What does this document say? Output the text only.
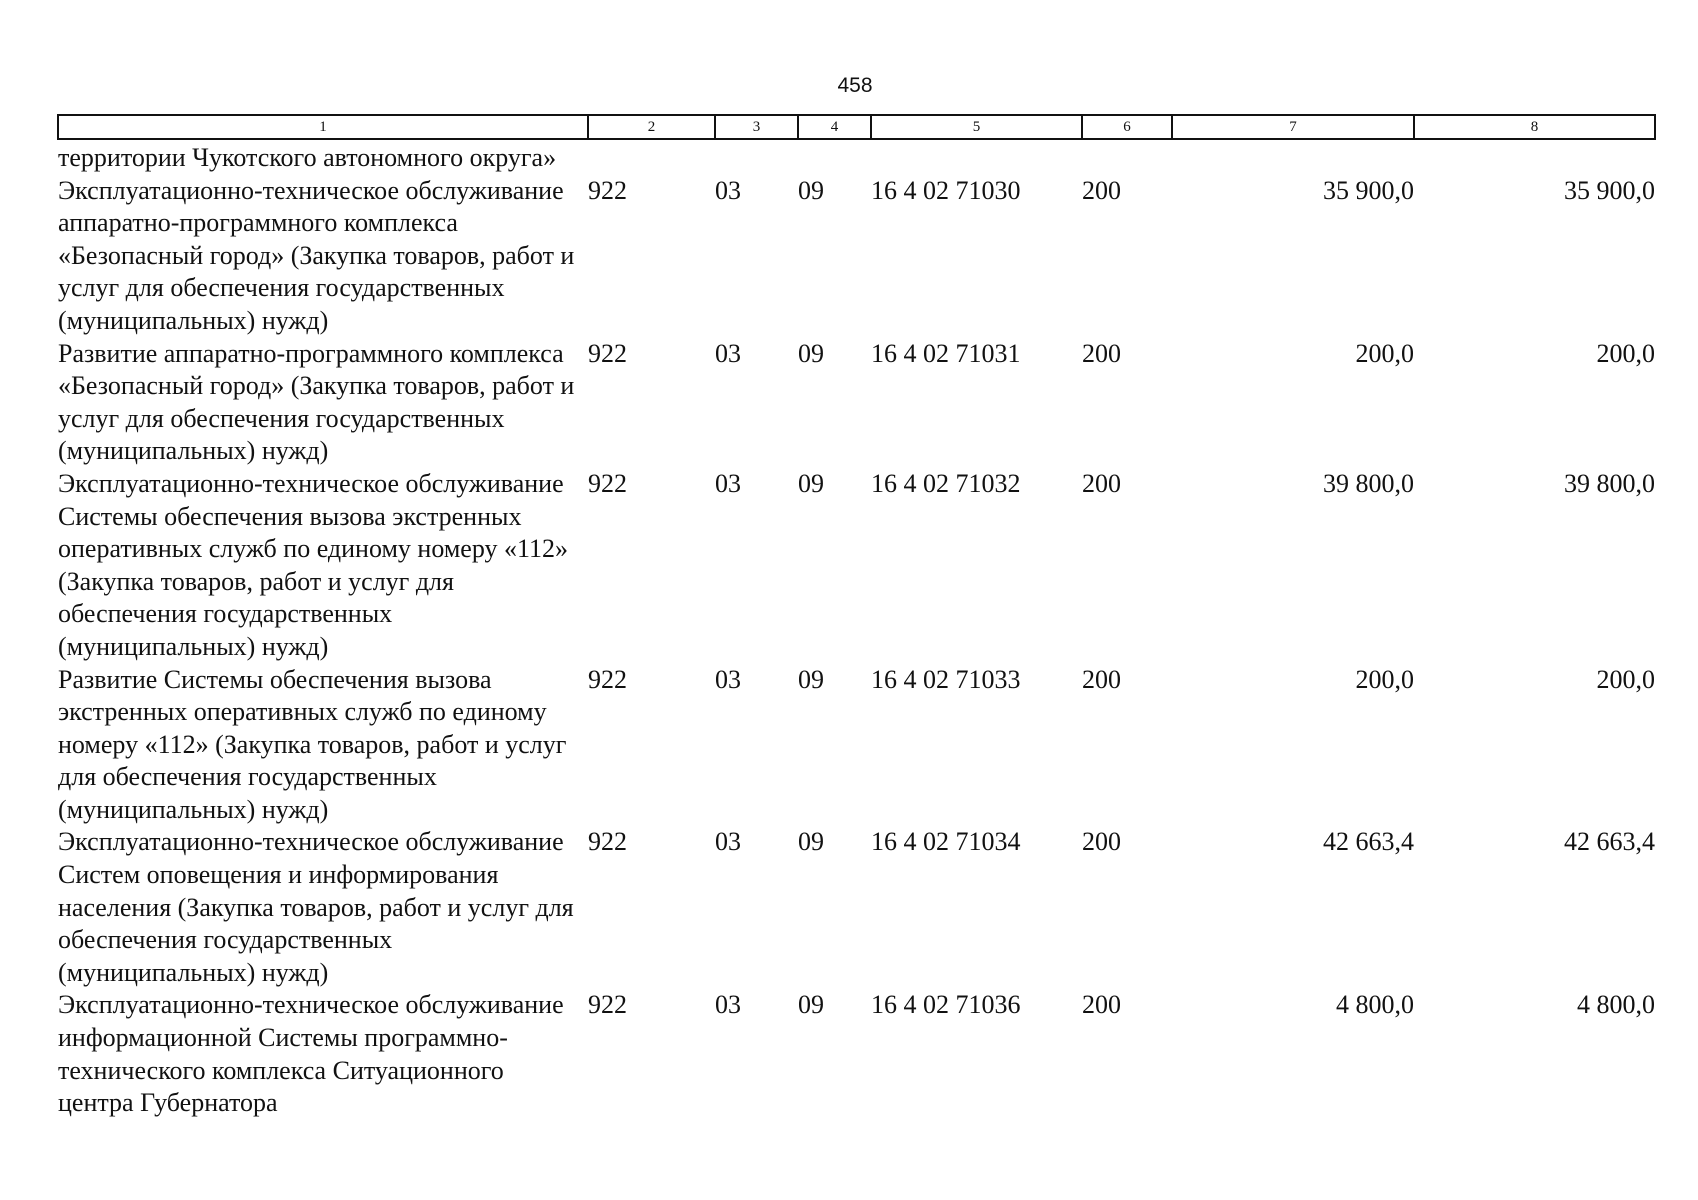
458
1	2	3	4	5	6	7	8
территории Чукотского автономного округа»							
Эксплуатационно-техническое обслуживание аппаратно-программного комплекса «Безопасный город» (Закупка товаров, работ и услуг для обеспечения государственных (муниципальных) нужд)	922	03	09	16 4 02 71030	200	35 900,0	35 900,0
Развитие аппаратно-программного комплекса «Безопасный город» (Закупка товаров, работ и услуг для обеспечения государственных (муниципальных) нужд)	922	03	09	16 4 02 71031	200	200,0	200,0
Эксплуатационно-техническое обслуживание Системы обеспечения вызова экстренных оперативных служб по единому номеру «112» (Закупка товаров, работ и услуг для обеспечения государственных (муниципальных) нужд)	922	03	09	16 4 02 71032	200	39 800,0	39 800,0
Развитие Системы обеспечения вызова экстренных оперативных служб по единому номеру «112» (Закупка товаров, работ и услуг для обеспечения государственных (муниципальных) нужд)	922	03	09	16 4 02 71033	200	200,0	200,0
Эксплуатационно-техническое обслуживание Систем оповещения и информирования населения (Закупка товаров, работ и услуг для обеспечения государственных (муниципальных) нужд)	922	03	09	16 4 02 71034	200	42 663,4	42 663,4
Эксплуатационно-техническое обслуживание информационной Системы программно-технического комплекса Ситуационного центра Губернатора	922	03	09	16 4 02 71036	200	4 800,0	4 800,0
